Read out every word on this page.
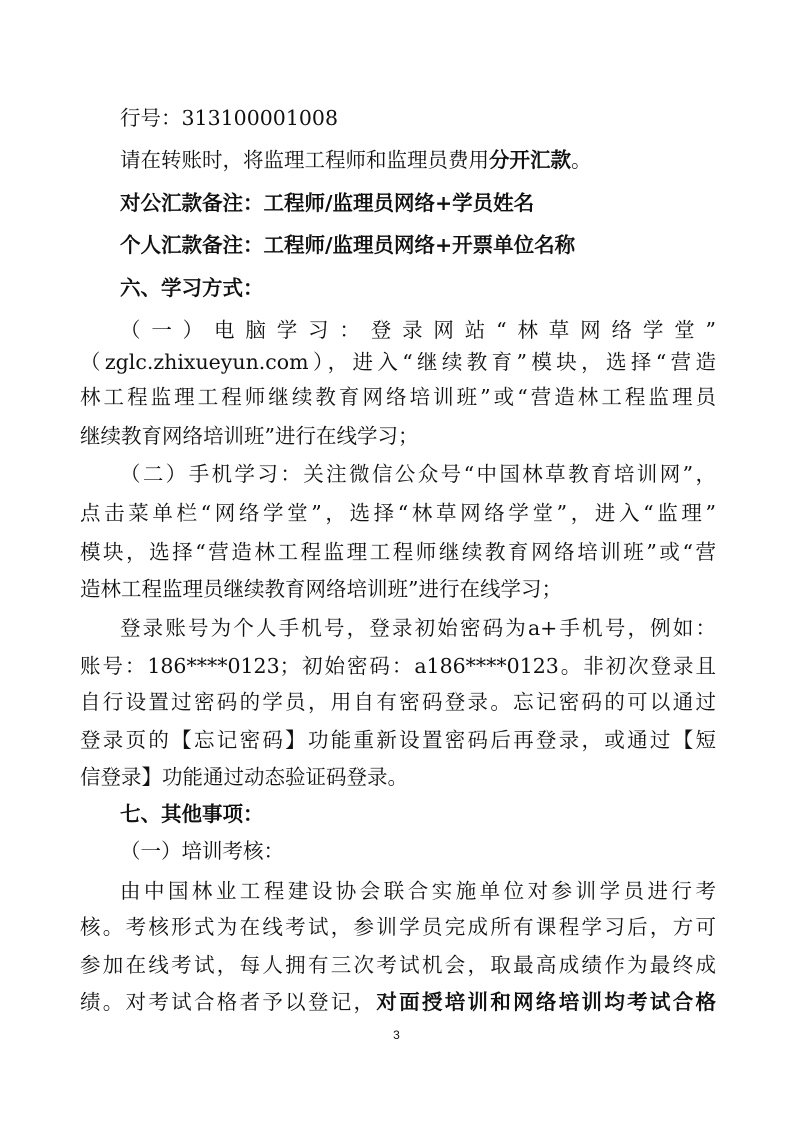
行号：313100001008
请在转账时，将监理工程师和监理员费用分开汇款。
对公汇款备注：工程师/监理员网络+学员姓名
个人汇款备注：工程师/监理员网络+开票单位名称
六、学习方式：
（一）电脑学习：登录网站“林草网络学堂”
（zglc.zhixueyun.com），进入“继续教育”模块，选择“营造
林工程监理工程师继续教育网络培训班”或“营造林工程监理员
继续教育网络培训班”进行在线学习；
（二）手机学习：关注微信公众号“中国林草教育培训网”，
点击菜单栏“网络学堂”，选择“林草网络学堂”，进入“监理”
模块，选择“营造林工程监理工程师继续教育网络培训班”或“营
造林工程监理员继续教育网络培训班”进行在线学习；
登录账号为个人手机号，登录初始密码为a+手机号，例如：
账号：186****0123；初始密码：a186****0123。非初次登录且
自行设置过密码的学员，用自有密码登录。忘记密码的可以通过
登录页的【忘记密码】功能重新设置密码后再登录，或通过【短
信登录】功能通过动态验证码登录。
七、其他事项：
（一）培训考核：
由中国林业工程建设协会联合实施单位对参训学员进行考
核。考核形式为在线考试，参训学员完成所有课程学习后，方可
参加在线考试，每人拥有三次考试机会，取最高成绩作为最终成
绩。对考试合格者予以登记，对面授培训和网络培训均考试合格
3
